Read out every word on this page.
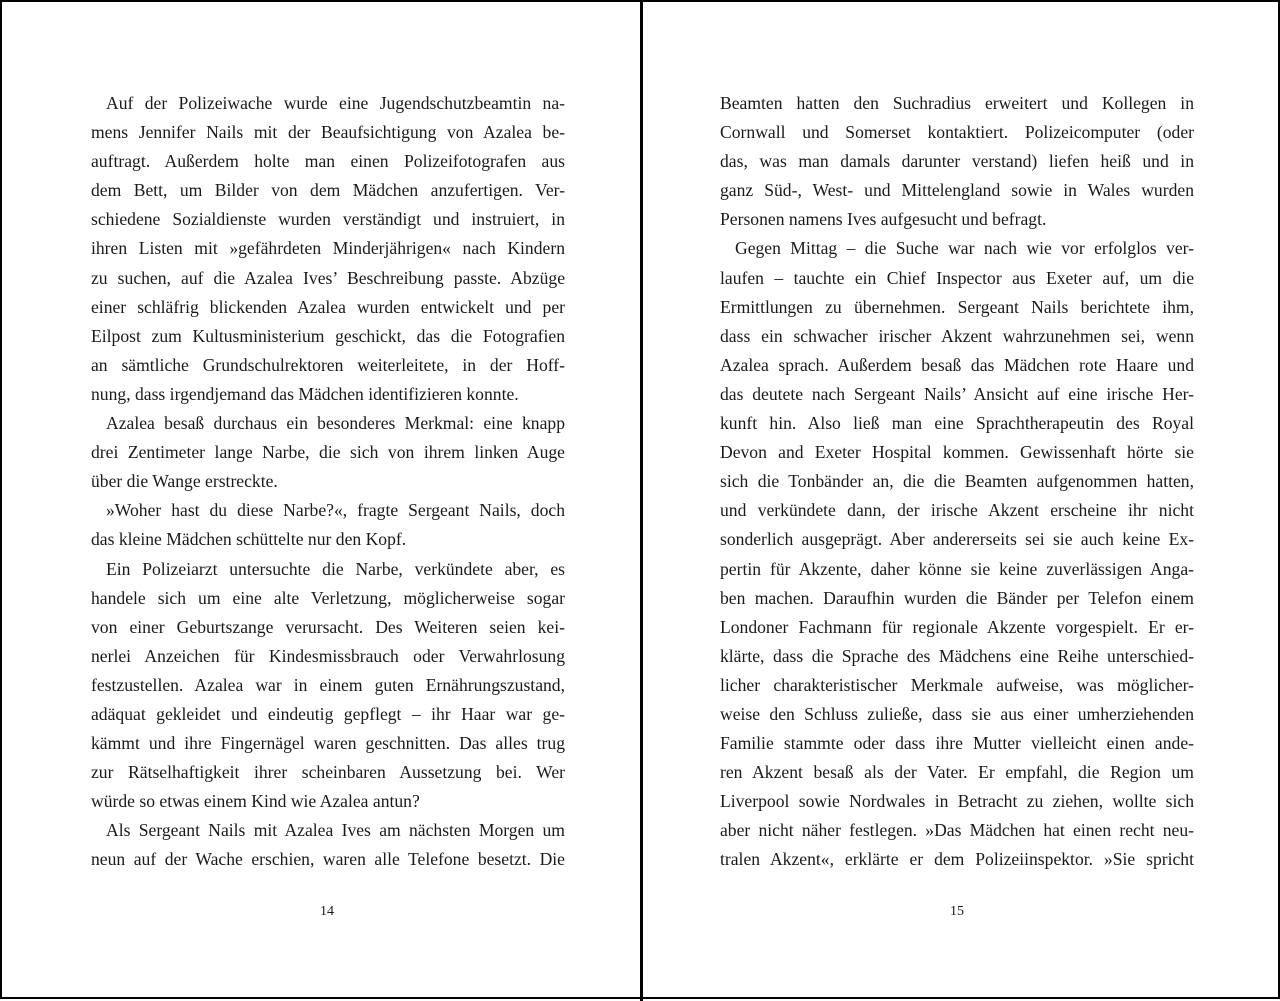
Auf der Polizeiwache wurde eine Jugendschutzbeamtin na-
mens Jennifer Nails mit der Beaufsichtigung von Azalea be-
auftragt. Außerdem holte man einen Polizeifotografen aus
dem Bett, um Bilder von dem Mädchen anzufertigen. Ver-
schiedene Sozialdienste wurden verständigt und instruiert, in
ihren Listen mit »gefährdeten Minderjährigen« nach Kindern
zu suchen, auf die Azalea Ives’ Beschreibung passte. Abzüge
einer schläfrig blickenden Azalea wurden entwickelt und per
Eilpost zum Kultusministerium geschickt, das die Fotografien
an sämtliche Grundschulrektoren weiterleitete, in der Hoff-
nung, dass irgendjemand das Mädchen identifizieren konnte.
Azalea besaß durchaus ein besonderes Merkmal: eine knapp
drei Zentimeter lange Narbe, die sich von ihrem linken Auge
über die Wange erstreckte.
»Woher hast du diese Narbe?«, fragte Sergeant Nails, doch
das kleine Mädchen schüttelte nur den Kopf.
Ein Polizeiarzt untersuchte die Narbe, verkündete aber, es
handele sich um eine alte Verletzung, möglicherweise sogar
von einer Geburtszange verursacht. Des Weiteren seien kei-
nerlei Anzeichen für Kindesmissbrauch oder Verwahrlosung
festzustellen. Azalea war in einem guten Ernährungszustand,
adäquat gekleidet und eindeutig gepflegt – ihr Haar war ge-
kämmt und ihre Fingernägel waren geschnitten. Das alles trug
zur Rätselhaftigkeit ihrer scheinbaren Aussetzung bei. Wer
würde so etwas einem Kind wie Azalea antun?
Als Sergeant Nails mit Azalea Ives am nächsten Morgen um
neun auf der Wache erschien, waren alle Telefone besetzt. Die
14
Beamten hatten den Suchradius erweitert und Kollegen in
Cornwall und Somerset kontaktiert. Polizeicomputer (oder
das, was man damals darunter verstand) liefen heiß und in
ganz Süd-, West- und Mittelengland sowie in Wales wurden
Personen namens Ives aufgesucht und befragt.
Gegen Mittag – die Suche war nach wie vor erfolglos ver-
laufen – tauchte ein Chief Inspector aus Exeter auf, um die
Ermittlungen zu übernehmen. Sergeant Nails berichtete ihm,
dass ein schwacher irischer Akzent wahrzunehmen sei, wenn
Azalea sprach. Außerdem besaß das Mädchen rote Haare und
das deutete nach Sergeant Nails’ Ansicht auf eine irische Her-
kunft hin. Also ließ man eine Sprachtherapeutin des Royal
Devon and Exeter Hospital kommen. Gewissenhaft hörte sie
sich die Tonbänder an, die die Beamten aufgenommen hatten,
und verkündete dann, der irische Akzent erscheine ihr nicht
sonderlich ausgeprägt. Aber andererseits sei sie auch keine Ex-
pertin für Akzente, daher könne sie keine zuverlässigen Anga-
ben machen. Daraufhin wurden die Bänder per Telefon einem
Londoner Fachmann für regionale Akzente vorgespielt. Er er-
klärte, dass die Sprache des Mädchens eine Reihe unterschied-
licher charakteristischer Merkmale aufweise, was möglicher-
weise den Schluss zuließe, dass sie aus einer umherziehenden
Familie stammte oder dass ihre Mutter vielleicht einen ande-
ren Akzent besaß als der Vater. Er empfahl, die Region um
Liverpool sowie Nordwales in Betracht zu ziehen, wollte sich
aber nicht näher festlegen. »Das Mädchen hat einen recht neu-
tralen Akzent«, erklärte er dem Polizeiinspektor. »Sie spricht
15
